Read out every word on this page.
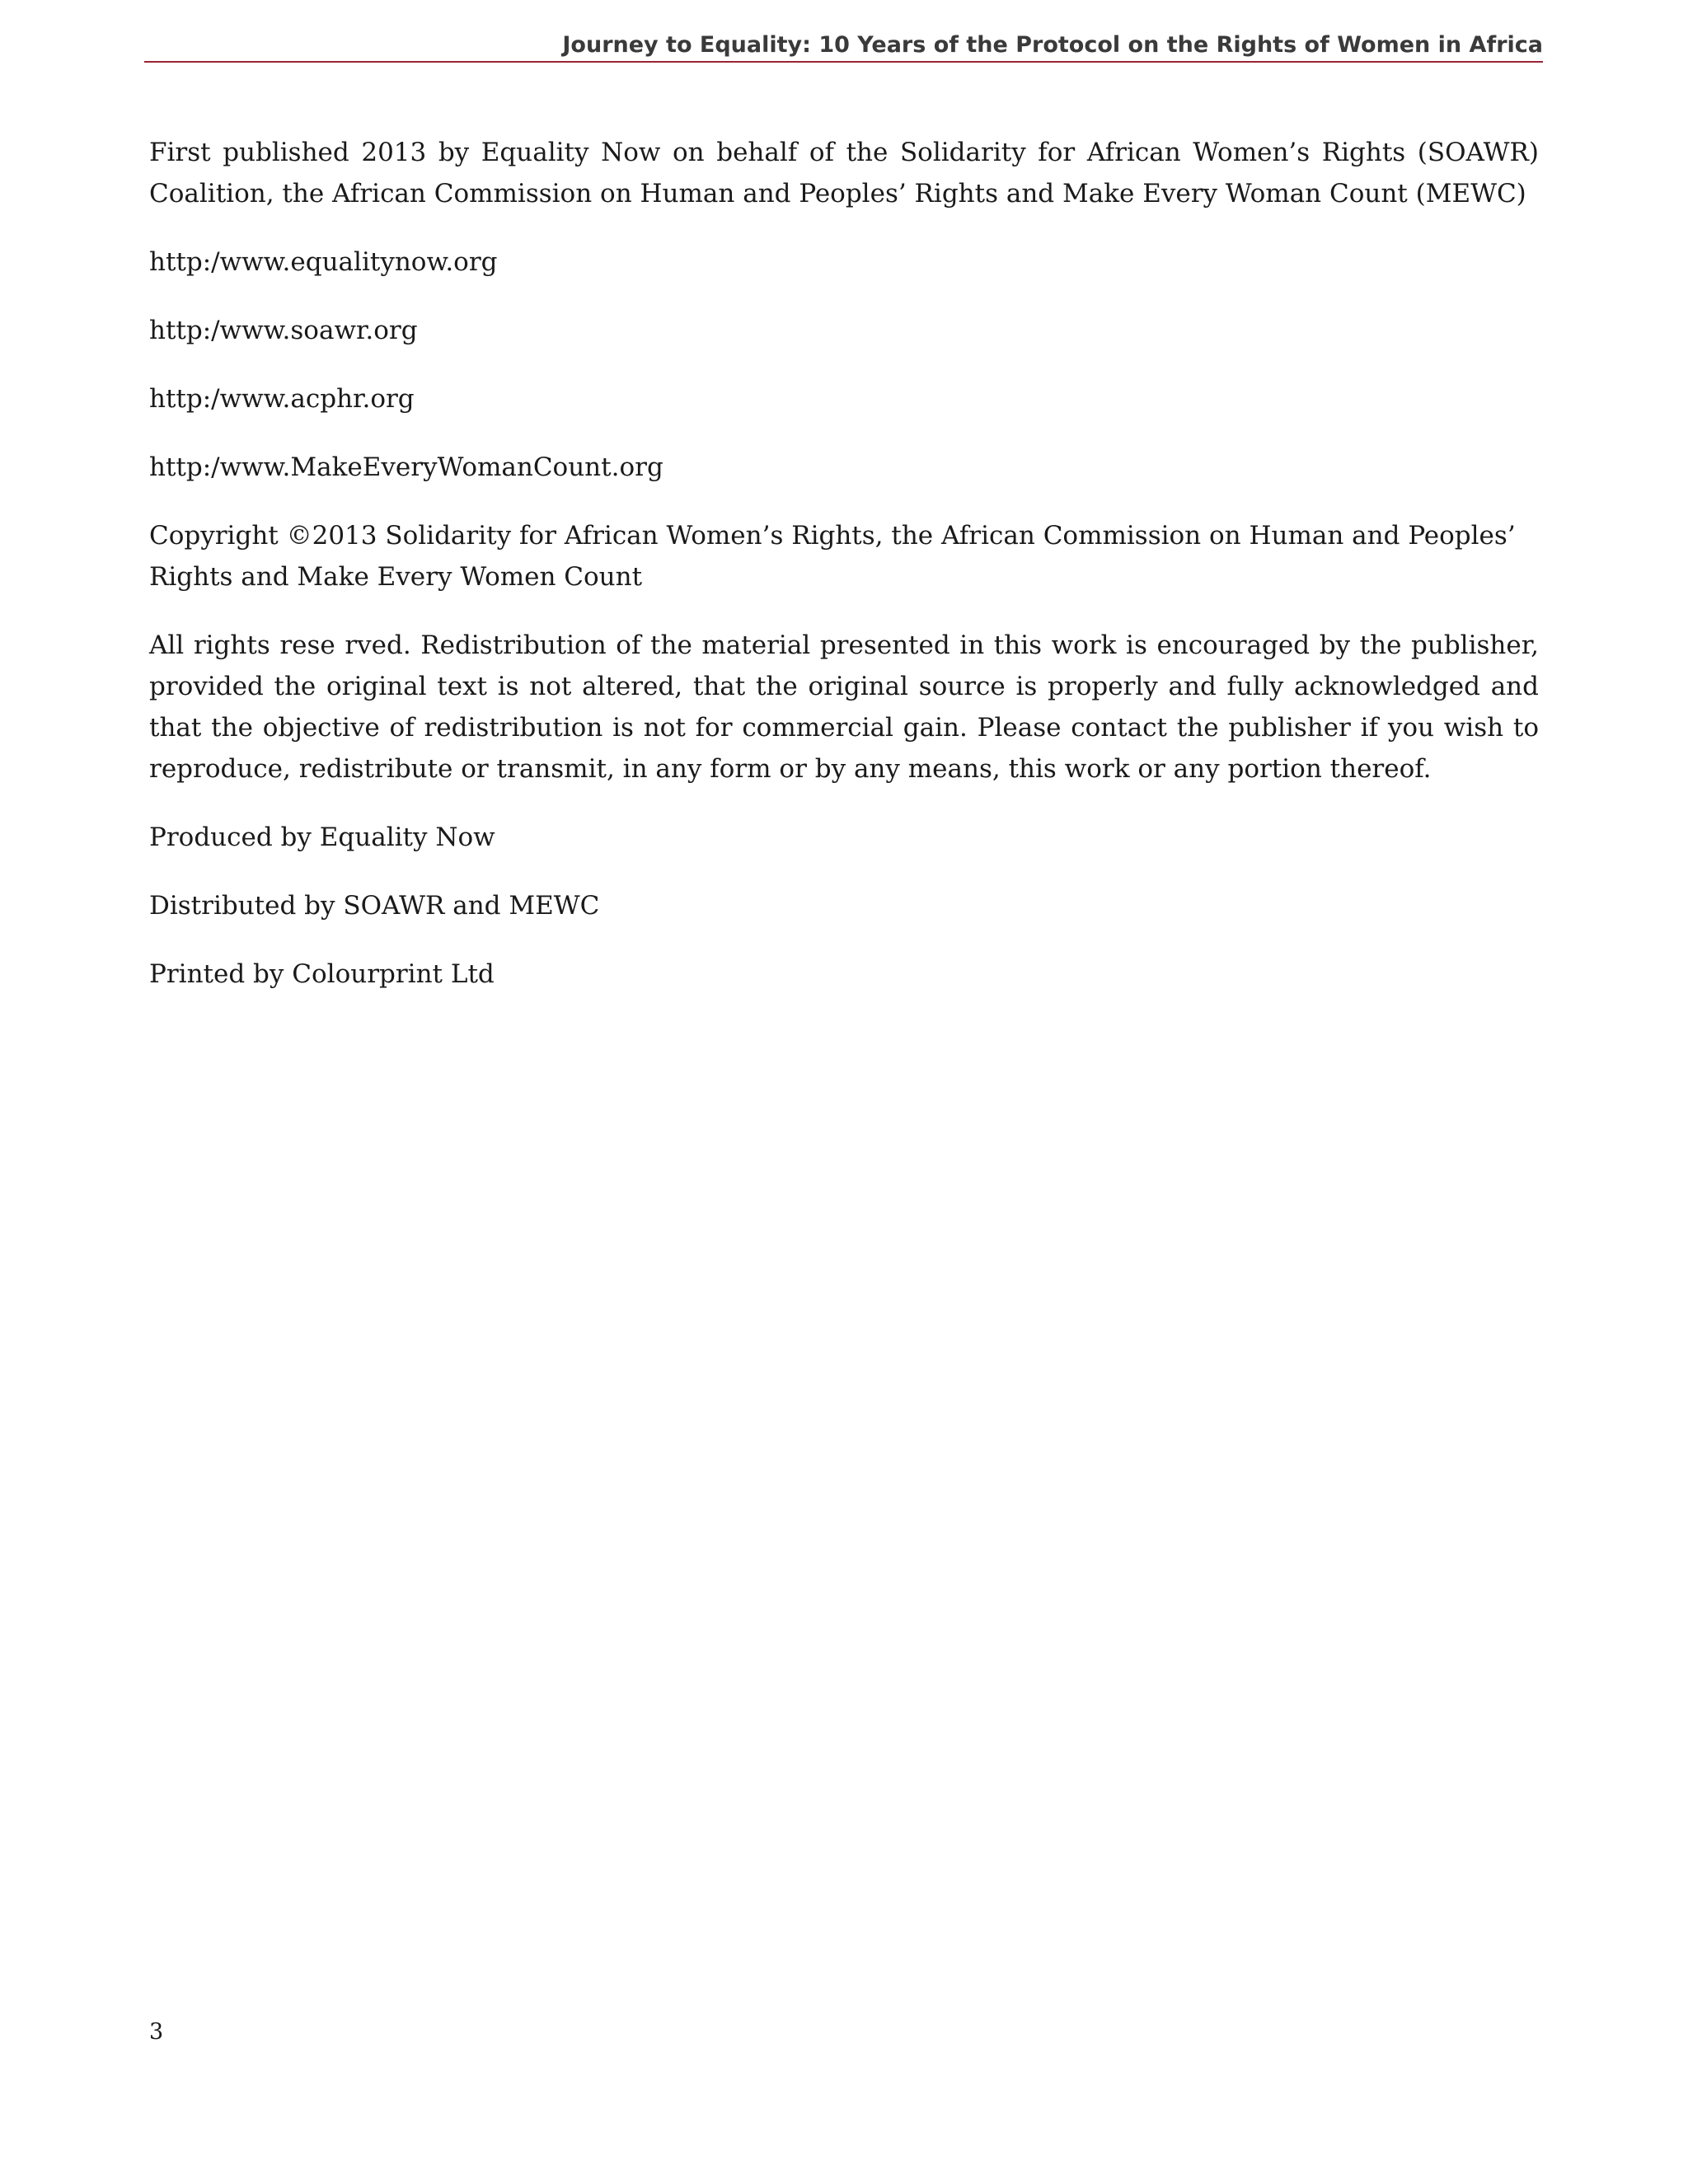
Journey to Equality: 10 Years of the Protocol on the Rights of Women in Africa

First published 2013 by Equality Now on behalf of the Solidarity for African Women’s Rights (SOAWR) Coalition, the African Commission on Human and Peoples’ Rights and Make Every Woman Count (MEWC)

http:/www.equalitynow.org

http:/www.soawr.org

http:/www.acphr.org

http:/www.MakeEveryWomanCount.org

Copyright ©2013 Solidarity for African Women’s Rights, the African Commission on Human and Peoples’ Rights and Make Every Women Count

All rights rese rved. Redistribution of the material presented in this work is encouraged by the publisher, provided the original text is not altered, that the original source is properly and fully acknowledged and that the objective of redistribution is not for commercial gain. Please contact the publisher if you wish to reproduce, redistribute or transmit, in any form or by any means, this work or any portion thereof.

Produced by Equality Now

Distributed by SOAWR and MEWC

Printed by Colourprint Ltd

3
